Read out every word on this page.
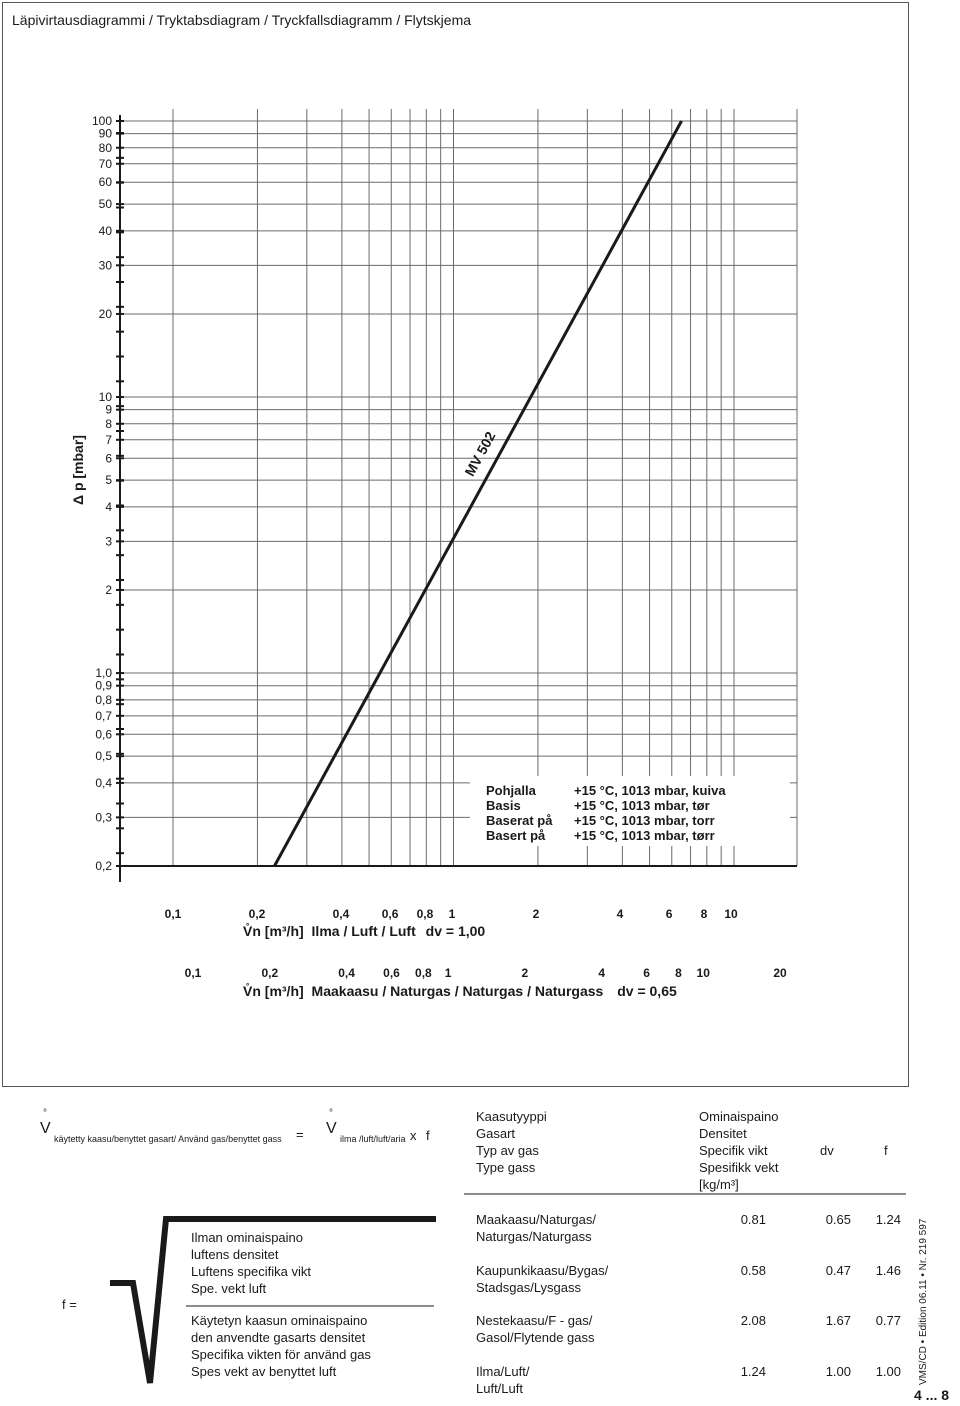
Läpivirtausdiagrammi / Tryktabsdiagram / Tryckfallsdiagramm / Flytskjema
100
90
80
70
60
50
40
30
20
10
9
8
7
6
5
4
3
2
1,0
0,9
0,8
0,7
0,6
0,5
0,4
0,3
0,2
MV 502
Δ p [mbar]
Pohjalla	+15 °C, 1013 mbar, kuiva
Basis	+15 °C, 1013 mbar, tør
Baserat på +15 °C, 1013 mbar, torr
Basert på +15 °C, 1013 mbar, tørr
0,1	0,2	0,4	0,6 0,8	1	2	4	6	8	10
0,1	0,2	0,4 0,6 0,8	1	2	4	6	8	10	20
V̊n [m³/h] Ilma / Luft / Luft dv = 1,00
V̊n [m³/h] Maakaasu / Naturgas / Naturgas / Naturgass dv = 0,65
V
°
käytetty kaasu/benyttet gasart/ Använd gas/benyttet gass = V
°
ilma /luft/luft/aria x f
Kaasutyyppi
Gasart
Typ av gas
Type gass
Ominaispaino
Densitet
Specifik vikt
Spesifikk vekt
[kg/m³]
dv	f
Maakaasu/Naturgas/
Naturgas/Naturgass
0.81	0.65	1.24
Kaupunkikaasu/Bygas/
Stadsgas/Lysgass
0.58	0.47	1.46
Nestekaasu/F - gas/
Gasol/Flytende gass
2.08	1.67	0.77
Ilma/Luft/
Luft/Luft
1.24	1.00	1.00
f =
Ilman ominaispaino
luftens densitet
Luftens specifika vikt
Spe. vekt luft
Käytetyn kaasun ominaispaino
den anvendte gasarts densitet
Specifika vikten för använd gas
Spes vekt av benyttet luft	VMS/CD • Edition 06.11 • Nr. 219 597
4 ... 8
